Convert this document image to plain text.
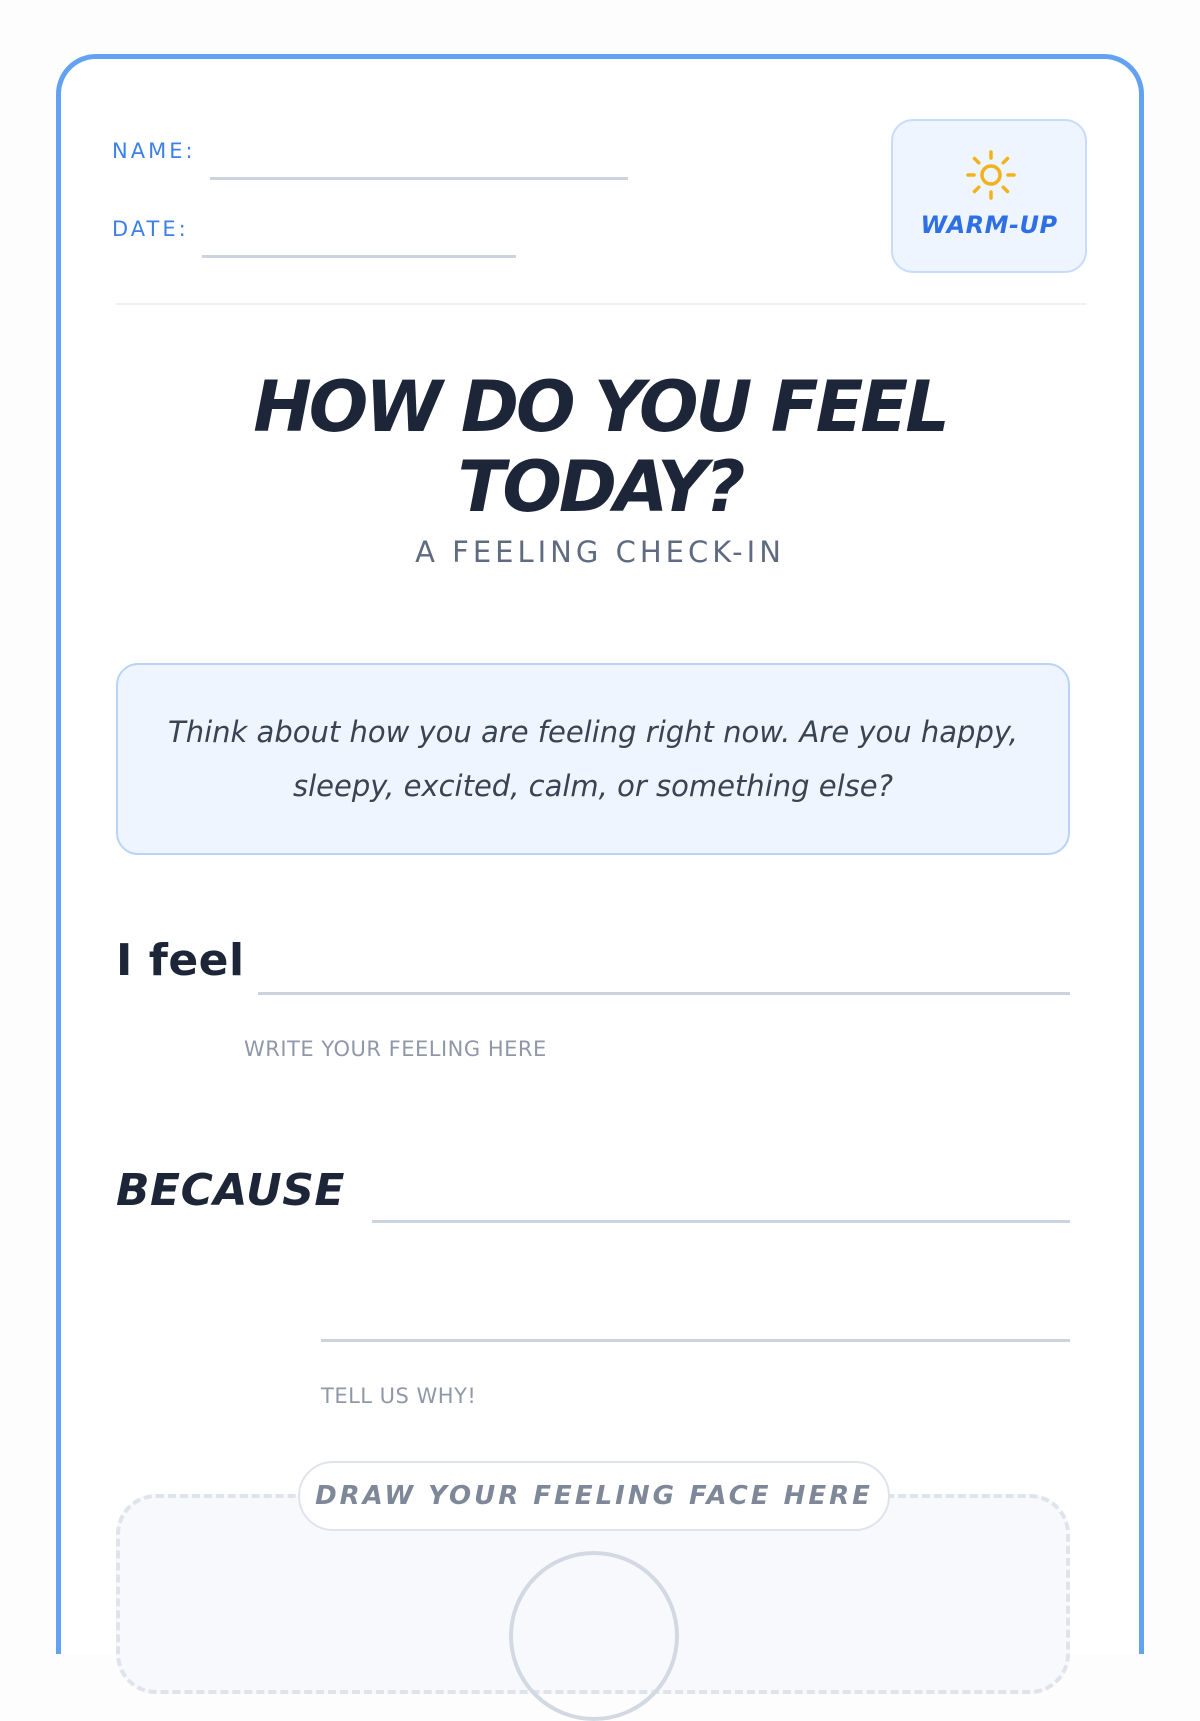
NAME:
DATE:	WARM-UP
HOW DO YOU FEEL
TODAY?
A FEELING CHECK-IN
Think about how you are feeling right now. Are you happy, sleepy, excited, calm, or something else?
I feel
WRITE YOUR FEELING HERE
BECAUSE
TELL US WHY!
DRAW YOUR FEELING FACE HERE
